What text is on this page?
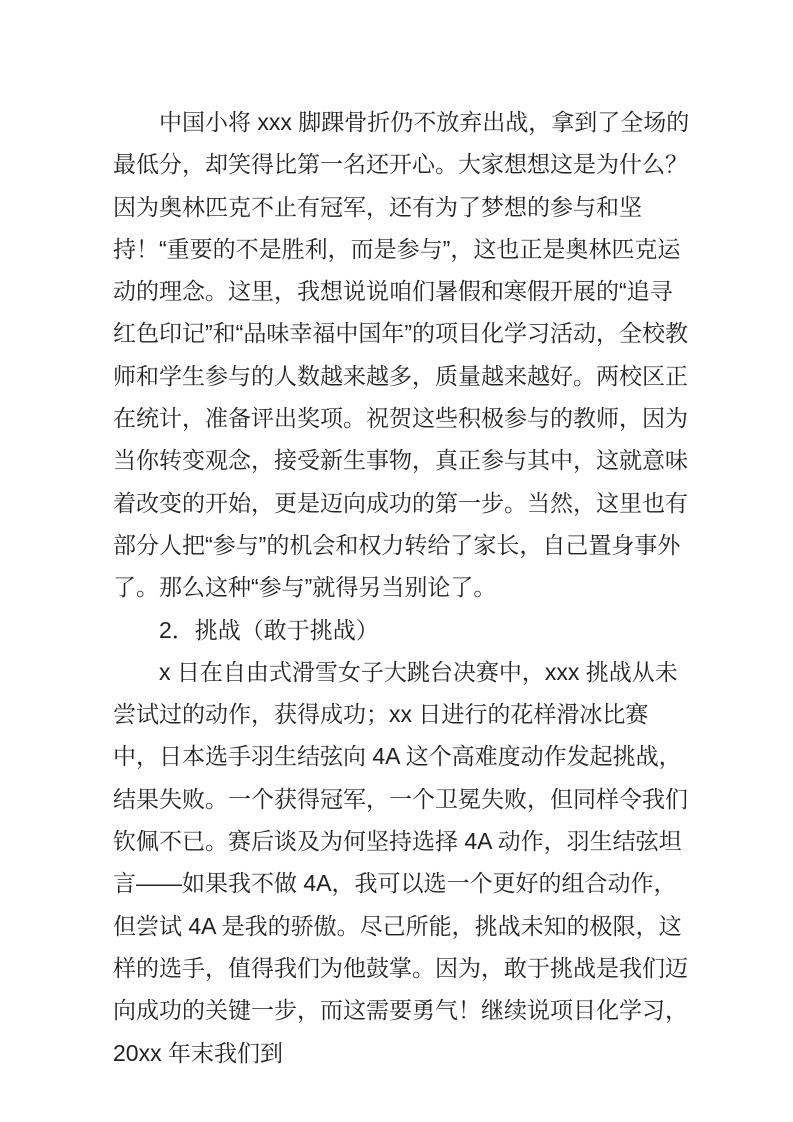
中国小将 xxx 脚踝骨折仍不放弃出战，拿到了全场的最低分，却笑得比第一名还开心。大家想想这是为什么？因为奥林匹克不止有冠军，还有为了梦想的参与和坚持！“重要的不是胜利，而是参与”，这也正是奥林匹克运动的理念。这里，我想说说咱们暑假和寒假开展的“追寻红色印记”和“品味幸福中国年”的项目化学习活动，全校教师和学生参与的人数越来越多，质量越来越好。两校区正在统计，准备评出奖项。祝贺这些积极参与的教师，因为当你转变观念，接受新生事物，真正参与其中，这就意味着改变的开始，更是迈向成功的第一步。当然，这里也有部分人把“参与”的机会和权力转给了家长，自己置身事外了。那么这种“参与”就得另当别论了。

2．挑战（敢于挑战）

x 日在自由式滑雪女子大跳台决赛中，xxx 挑战从未尝试过的动作，获得成功；xx 日进行的花样滑冰比赛中，日本选手羽生结弦向 4A 这个高难度动作发起挑战，结果失败。一个获得冠军，一个卫冕失败，但同样令我们钦佩不已。赛后谈及为何坚持选择 4A 动作，羽生结弦坦言——如果我不做 4A，我可以选一个更好的组合动作，但尝试 4A 是我的骄傲。尽己所能，挑战未知的极限，这样的选手，值得我们为他鼓掌。因为，敢于挑战是我们迈向成功的关键一步，而这需要勇气！继续说项目化学习，20xx 年末我们到
